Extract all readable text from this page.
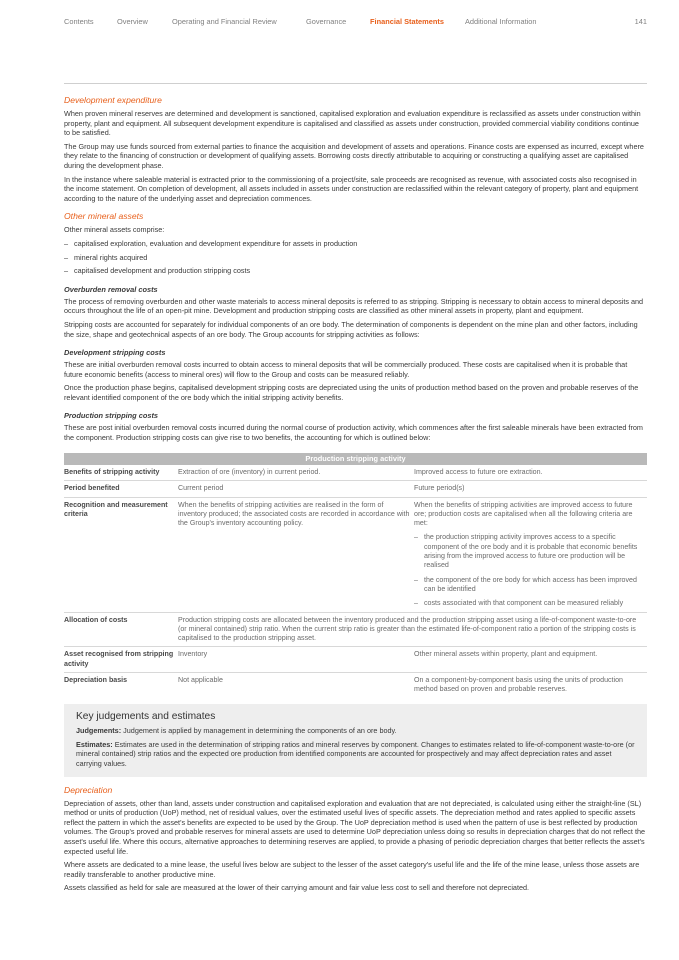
Contents	Overview	Operating and Financial Review	Governance	Financial Statements	Additional Information	141
Development expenditure

When proven mineral reserves are determined and development is sanctioned, capitalised exploration and evaluation expenditure is reclassified as assets under construction within property, plant and equipment. All subsequent development expenditure is capitalised and classified as assets under construction, provided commercial viability conditions continue to be satisfied.

The Group may use funds sourced from external parties to finance the acquisition and development of assets and operations. Finance costs are expensed as incurred, except where they relate to the financing of construction or development of qualifying assets. Borrowing costs directly attributable to acquiring or constructing a qualifying asset are capitalised during the development phase.

In the instance where saleable material is extracted prior to the commissioning of a project/site, sale proceeds are recognised as revenue, with associated costs also recognised in the income statement. On completion of development, all assets included in assets under construction are reclassified within the relevant category of property, plant and equipment according to the nature of the underlying asset and depreciation commences.

Other mineral assets

Other mineral assets comprise:

– capitalised exploration, evaluation and development expenditure for assets in production
– mineral rights acquired
– capitalised development and production stripping costs
Overburden removal costs

The process of removing overburden and other waste materials to access mineral deposits is referred to as stripping. Stripping is necessary to obtain access to mineral deposits and occurs throughout the life of an open-pit mine. Development and production stripping costs are classified as other mineral assets in property, plant and equipment.

Stripping costs are accounted for separately for individual components of an ore body. The determination of components is dependent on the mine plan and other factors, including the size, shape and geotechnical aspects of an ore body. The Group accounts for stripping activities as follows:

Development stripping costs

These are initial overburden removal costs incurred to obtain access to mineral deposits that will be commercially produced. These costs are capitalised when it is probable that future economic benefits (access to mineral ores) will flow to the Group and costs can be measured reliably.

Once the production phase begins, capitalised development stripping costs are depreciated using the units of production method based on the proven and probable reserves of the relevant identified component of the ore body which the initial stripping activity benefits.

Production stripping costs

These are post initial overburden removal costs incurred during the normal course of production activity, which commences after the first saleable minerals have been extracted from the component. Production stripping costs can give rise to two benefits, the accounting for which is outlined below:

Production stripping activity		
Benefits of stripping activity	Extraction of ore (inventory) in current period.	Improved access to future ore extraction.
Period benefited	Current period	Future period(s)
Recognition and measurement criteria	When the benefits of stripping activities are realised in the form of inventory produced; the associated costs are recorded in accordance with the Group's inventory accounting policy.	When the benefits of stripping activities are improved access to future ore; production costs are capitalised when all the following criteria are met:
– the production stripping activity improves access to a specific component of the ore body and it is probable that economic benefits arising from the improved access to future ore production will be realised
– the component of the ore body for which access has been improved can be identified
– costs associated with that component can be measured reliably

Allocation of costs	Production stripping costs are allocated between the inventory produced and the production stripping asset using a life-of-component waste-to-ore (or mineral contained) strip ratio. When the current strip ratio is greater than the estimated life-of-component ratio a portion of the stripping costs is capitalised to the production stripping asset.	
Asset recognised from stripping activity	Inventory	Other mineral assets within property, plant and equipment.
Depreciation basis	Not applicable	On a component-by-component basis using the units of production method based on proven and probable reserves.
Key judgements and estimates

Judgements: Judgement is applied by management in determining the components of an ore body.

Estimates: Estimates are used in the determination of stripping ratios and mineral reserves by component. Changes to estimates related to life-of-component waste-to-ore (or mineral contained) strip ratios and the expected ore production from identified components are accounted for prospectively and may affect depreciation rates and asset carrying values.

Depreciation

Depreciation of assets, other than land, assets under construction and capitalised exploration and evaluation that are not depreciated, is calculated using either the straight-line (SL) method or units of production (UoP) method, net of residual values, over the estimated useful lives of specific assets. The depreciation method and rates applied to specific assets reflect the pattern in which the asset's benefits are expected to be used by the Group. The UoP depreciation method is used when the pattern of use is best reflected by production volumes. The Group's proved and probable reserves for mineral assets are used to determine UoP depreciation unless doing so results in depreciation charges that do not reflect the asset's useful life. Where this occurs, alternative approaches to determining reserves are applied, to provide a phasing of periodic depreciation charges that better reflects the asset's expected useful life.

Where assets are dedicated to a mine lease, the useful lives below are subject to the lesser of the asset category's useful life and the life of the mine lease, unless those assets are readily transferable to another productive mine.

Assets classified as held for sale are measured at the lower of their carrying amount and fair value less cost to sell and therefore not depreciated.
